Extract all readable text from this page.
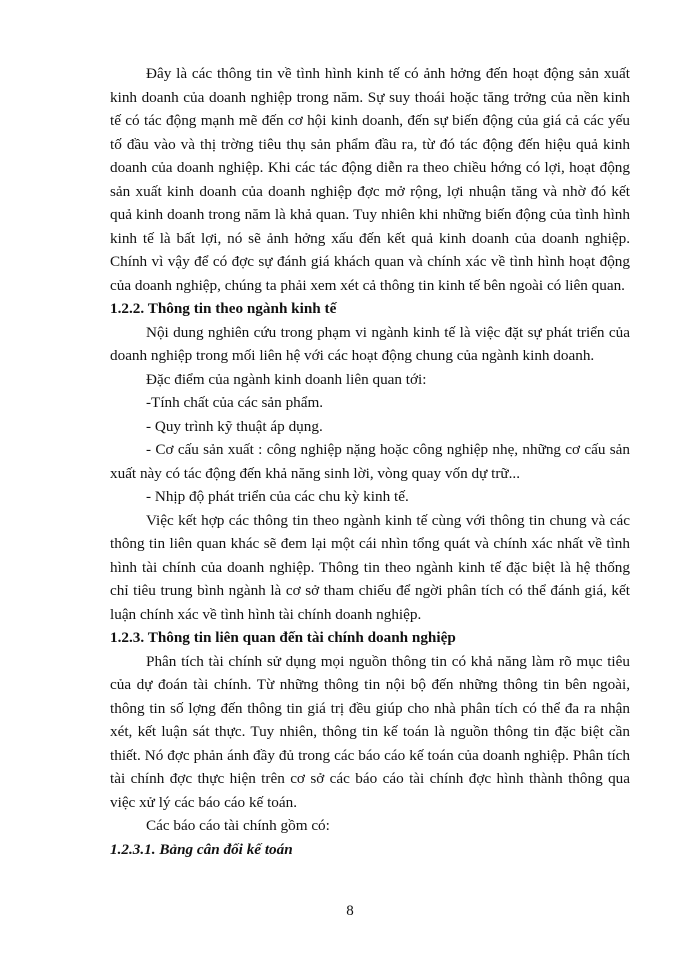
Đây là các thông tin về tình hình kinh tế có ảnh hởng đến hoạt động sản xuất kinh doanh của doanh nghiệp trong năm. Sự suy thoái hoặc tăng trởng của nền kinh tế có tác động mạnh mẽ đến cơ hội kinh doanh, đến sự biến động của giá cả các yếu tố đầu vào và thị trờng tiêu thụ sản phẩm đầu ra, từ đó tác động đến hiệu quả kinh doanh của doanh nghiệp. Khi các tác động diễn ra theo chiều hớng có lợi, hoạt động sản xuất kinh doanh của doanh nghiệp đợc mở rộng, lợi nhuận tăng và nhờ đó kết quả kinh doanh trong năm là khả quan. Tuy nhiên khi những biến động của tình hình kinh tế là bất lợi, nó sẽ ảnh hởng xấu đến kết quả kinh doanh của doanh nghiệp. Chính vì vậy để có đợc sự đánh giá khách quan và chính xác về tình hình hoạt động của doanh nghiệp, chúng ta phải xem xét cả thông tin kinh tế bên ngoài có liên quan.

1.2.2. Thông tin theo ngành kinh tế

Nội dung nghiên cứu trong phạm vi ngành kinh tế là việc đặt sự phát triển của doanh nghiệp trong mối liên hệ với các hoạt động chung của ngành kinh doanh.

Đặc điểm của ngành kinh doanh liên quan tới:

-Tính chất của các sản phẩm.

- Quy trình kỹ thuật áp dụng.

- Cơ cấu sản xuất : công nghiệp nặng hoặc công nghiệp nhẹ, những cơ cấu sản xuất này có tác động đến khả năng sinh lời, vòng quay vốn dự trữ...

- Nhịp độ phát triển của các chu kỳ kinh tế.

Việc kết hợp các thông tin theo ngành kinh tế cùng với thông tin chung và các thông tin liên quan khác sẽ đem lại một cái nhìn tổng quát và chính xác nhất về tình hình tài chính của doanh nghiệp. Thông tin theo ngành kinh tế đặc biệt là hệ thống chỉ tiêu trung bình ngành là cơ sở tham chiếu để ngời phân tích có thể đánh giá, kết luận chính xác về tình hình tài chính doanh nghiệp.

1.2.3. Thông tin liên quan đến tài chính doanh nghiệp

Phân tích tài chính sử dụng mọi nguồn thông tin có khả năng làm rõ mục tiêu của dự đoán tài chính. Từ những thông tin nội bộ đến những thông tin bên ngoài, thông tin số lợng đến thông tin giá trị đều giúp cho nhà phân tích có thể đa ra nhận xét, kết luận sát thực. Tuy nhiên, thông tin kế toán là nguồn thông tin đặc biệt cần thiết. Nó đợc phản ánh đầy đủ trong các báo cáo kế toán của doanh nghiệp. Phân tích tài chính đợc thực hiện trên cơ sở các báo cáo tài chính đợc hình thành thông qua việc xử lý các báo cáo kế toán.

Các báo cáo tài chính gồm có:

1.2.3.1. Bảng cân đối kế toán

8
